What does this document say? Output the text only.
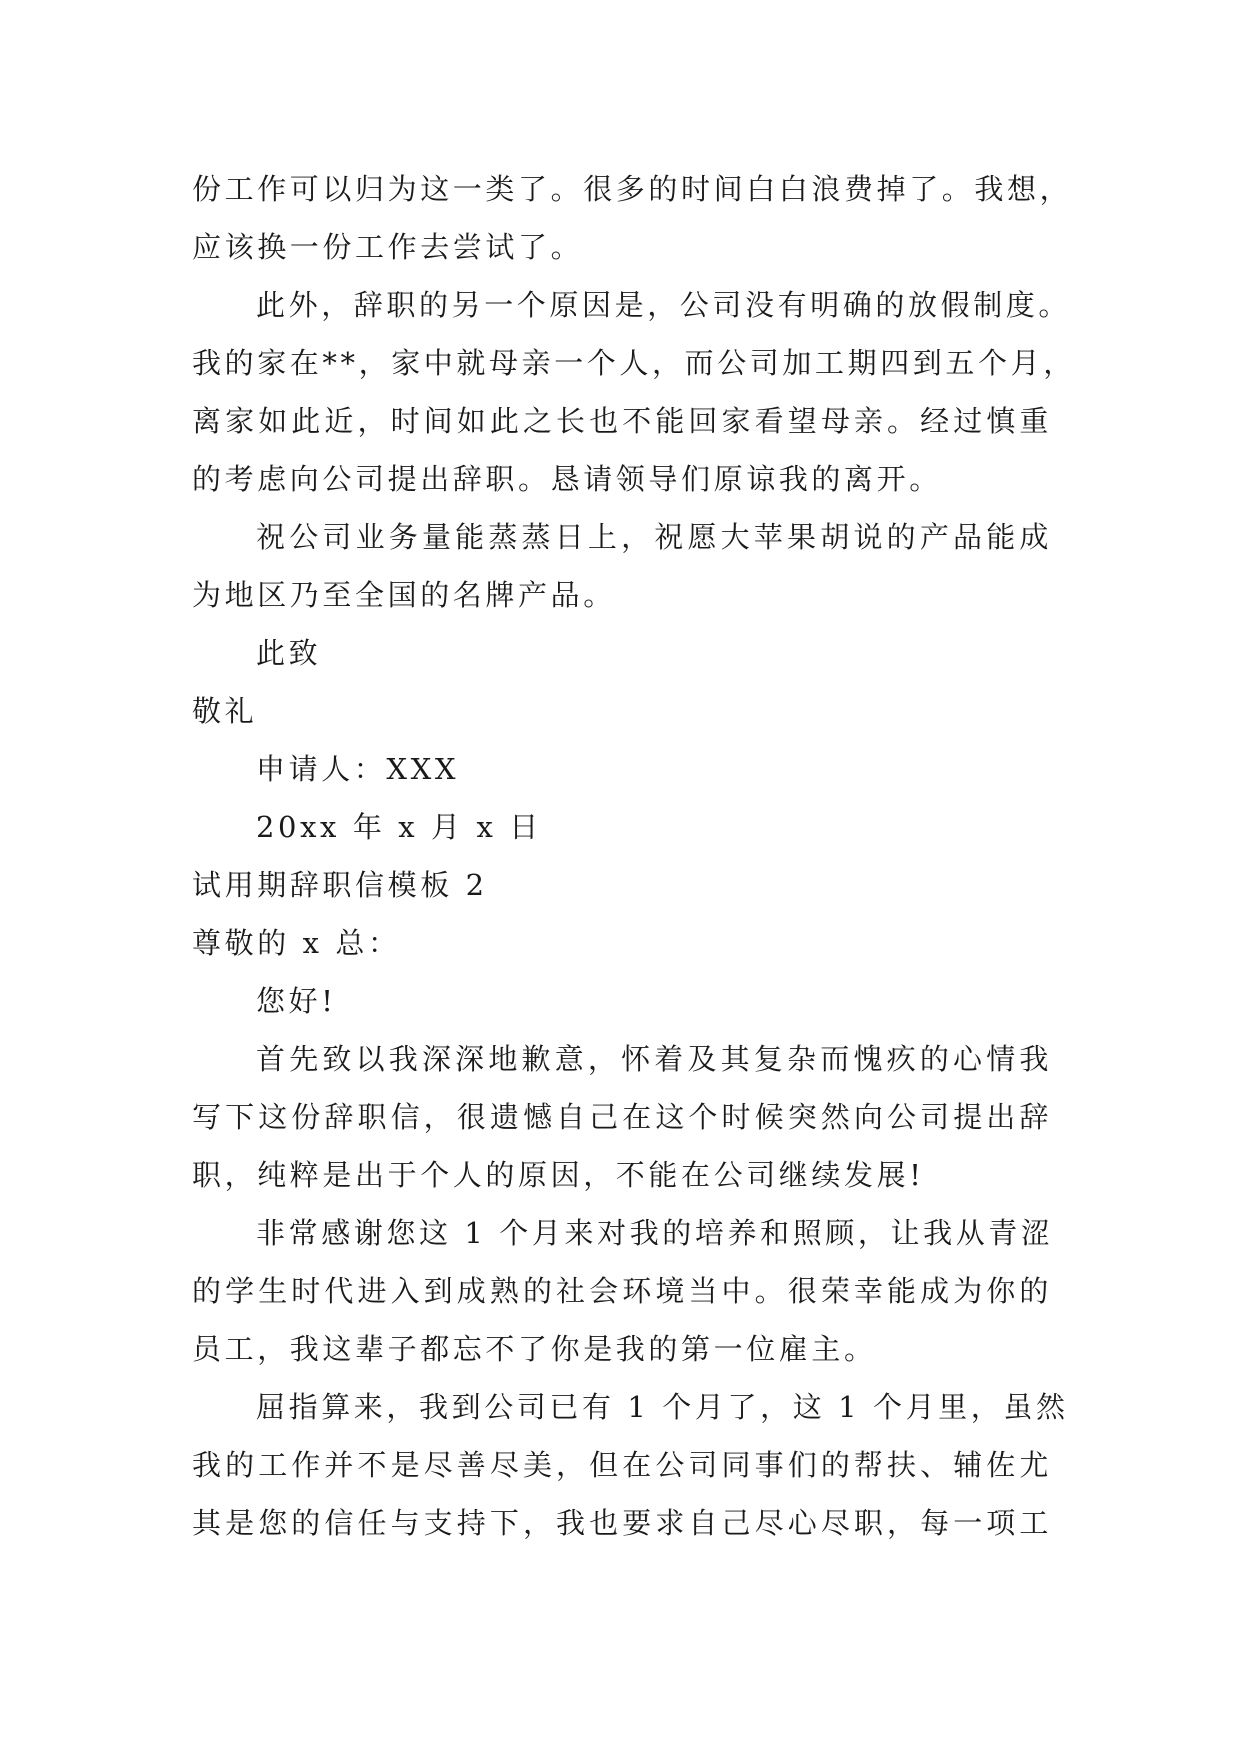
份工作可以归为这一类了。很多的时间白白浪费掉了。我想，
应该换一份工作去尝试了。
此外，辞职的另一个原因是，公司没有明确的放假制度。
我的家在**，家中就母亲一个人，而公司加工期四到五个月，
离家如此近，时间如此之长也不能回家看望母亲。经过慎重
的考虑向公司提出辞职。恳请领导们原谅我的离开。
祝公司业务量能蒸蒸日上，祝愿大苹果胡说的产品能成
为地区乃至全国的名牌产品。
此致
敬礼
申请人：XXX
20xx 年 x 月 x 日
试用期辞职信模板 2
尊敬的 x 总：
您好!
首先致以我深深地歉意，怀着及其复杂而愧疚的心情我
写下这份辞职信，很遗憾自己在这个时候突然向公司提出辞
职，纯粹是出于个人的原因，不能在公司继续发展!
非常感谢您这 1 个月来对我的培养和照顾，让我从青涩
的学生时代进入到成熟的社会环境当中。很荣幸能成为你的
员工，我这辈子都忘不了你是我的第一位雇主。
屈指算来，我到公司已有 1 个月了，这 1 个月里，虽然
我的工作并不是尽善尽美，但在公司同事们的帮扶、辅佐尤
其是您的信任与支持下，我也要求自己尽心尽职，每一项工
